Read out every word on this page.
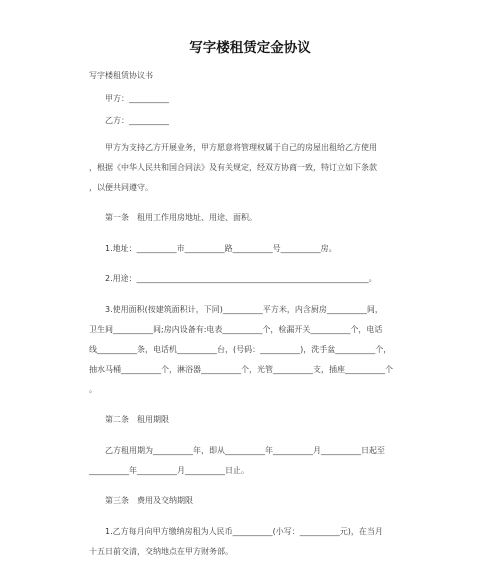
写字楼租赁定金协议

写字楼租赁协议书

甲方：__________

乙方：__________

甲方为支持乙方开展业务，甲方愿意将管理权属于自己的房屋出租给乙方使用

，根据《中华人民共和国合同法》及有关规定，经双方协商一致，特订立如下条款

，以便共同遵守。

第一条　租用工作用房地址、用途、面积。

1.地址：__________市__________路__________号__________房。

2.用途：__________________________________________________________。

3.使用面积(按建筑面积计，下同)__________平方米，内含厨房__________间，

卫生间__________间;房内设备有:电表__________个，检漏开关__________个，电话

线__________条，电话机__________台，(号码：__________)，洗手盆__________个，

抽水马桶__________个，淋浴器__________个，光管__________支，插座__________个

。

第二条　租用期限

乙方租用期为__________年，即从__________年__________月__________日起至

__________年__________月__________日止。

第三条　费用及交纳期限

1.乙方每月向甲方缴纳房租为人民币__________(小写：__________元)，在当月

十五日前交清，交纳地点在甲方财务部。
